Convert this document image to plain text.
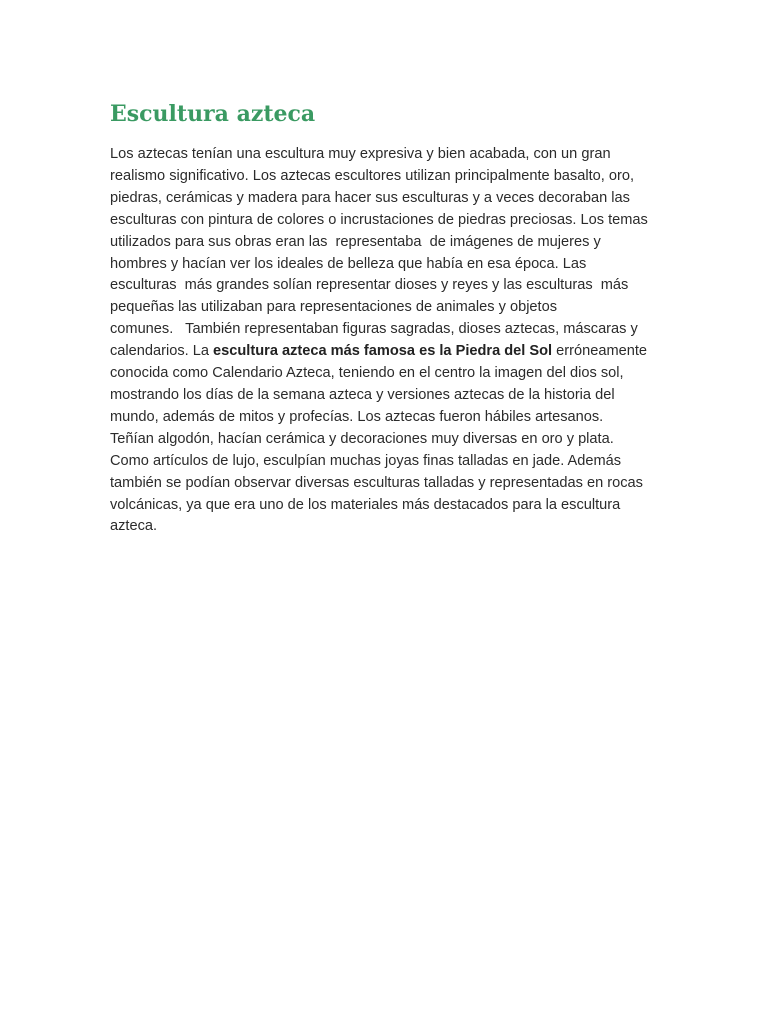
Escultura azteca

Los aztecas tenían una escultura muy expresiva y bien acabada, con un gran
realismo significativo. Los aztecas escultores utilizan principalmente basalto, oro,
piedras, cerámicas y madera para hacer sus esculturas y a veces decoraban las
esculturas con pintura de colores o incrustaciones de piedras preciosas. Los temas
utilizados para sus obras eran las  representaba  de imágenes de mujeres y
hombres y hacían ver los ideales de belleza que había en esa época. Las
esculturas  más grandes solían representar dioses y reyes y las esculturas  más
pequeñas las utilizaban para representaciones de animales y objetos
comunes.   También representaban figuras sagradas, dioses aztecas, máscaras y
calendarios. La escultura azteca más famosa es la Piedra del Sol erróneamente
conocida como Calendario Azteca, teniendo en el centro la imagen del dios sol,
mostrando los días de la semana azteca y versiones aztecas de la historia del
mundo, además de mitos y profecías. Los aztecas fueron hábiles artesanos.
Teñían algodón, hacían cerámica y decoraciones muy diversas en oro y plata.
Como artículos de lujo, esculpían muchas joyas finas talladas en jade. Además
también se podían observar diversas esculturas talladas y representadas en rocas
volcánicas, ya que era uno de los materiales más destacados para la escultura
azteca.
